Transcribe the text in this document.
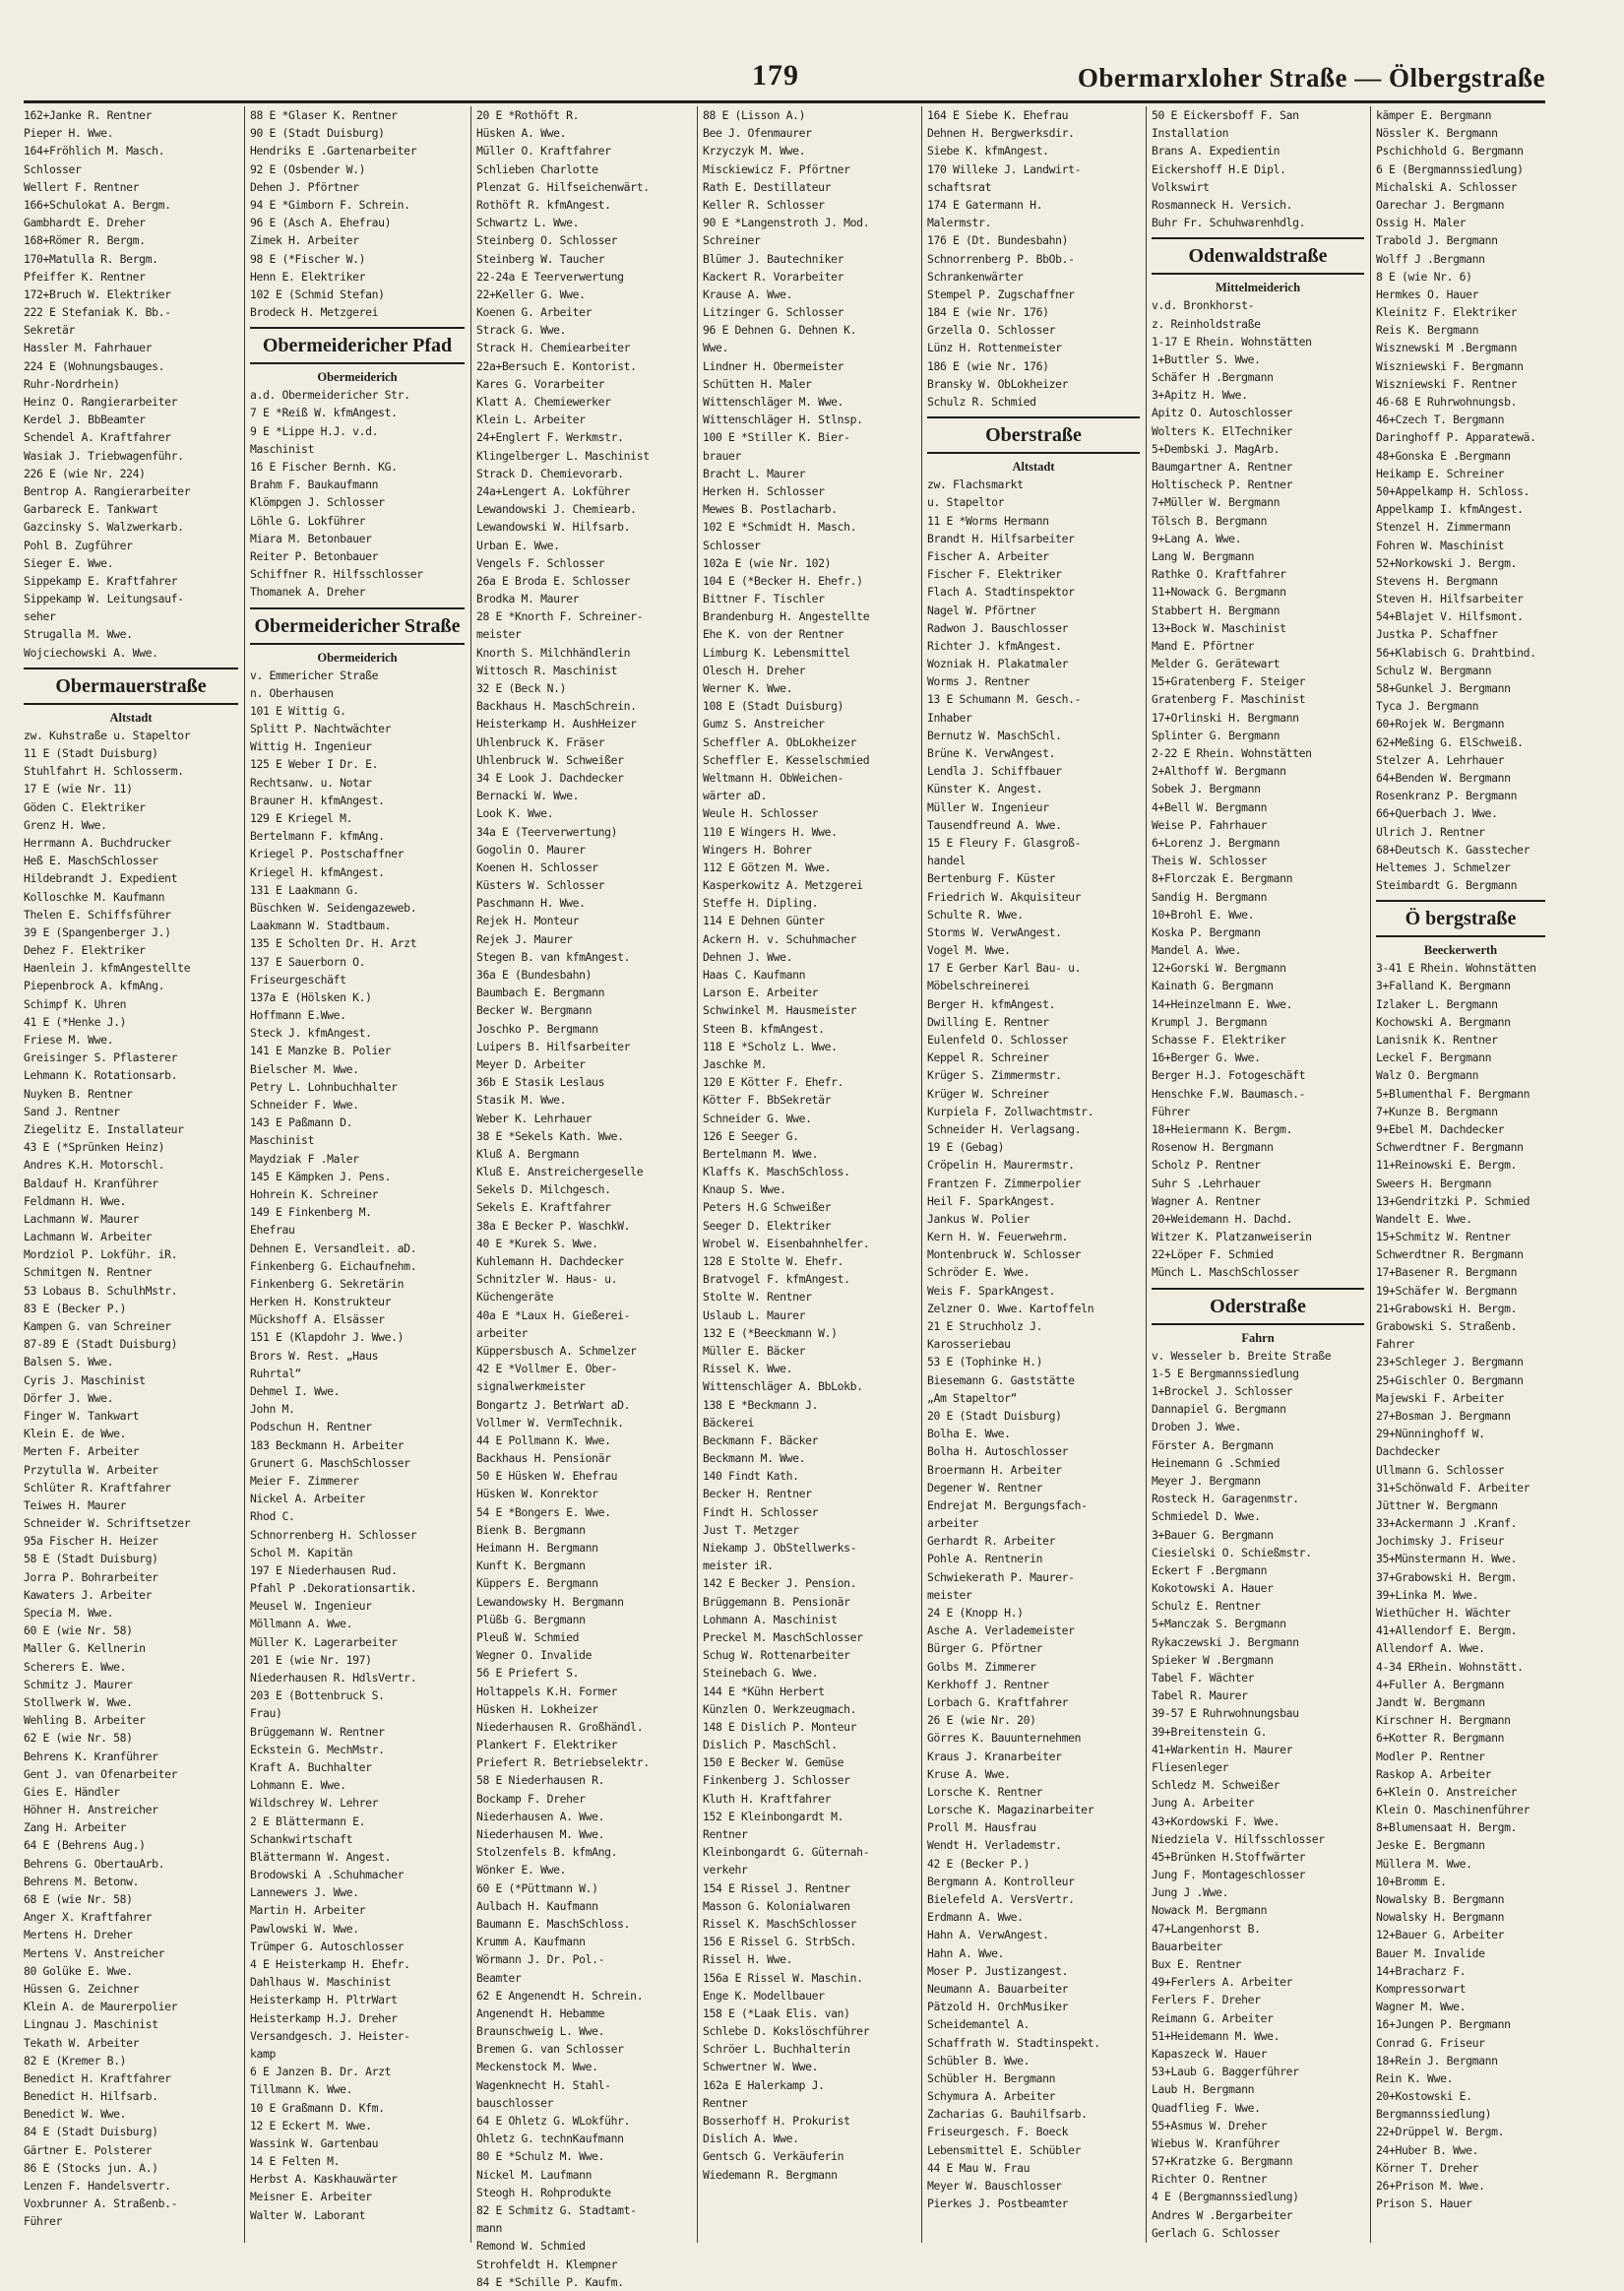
179	Obermarxloher Straße — Ölbergstraße
162+Janke R. Rentner
Pieper H. Wwe.
164+Fröhlich M. Masch.
Schlosser
Wellert F. Rentner
166+Schulokat A. Bergm.
Gambhardt E. Dreher
168+Römer R. Bergm.
170+Matulla R. Bergm.
Pfeiffer K. Rentner
172+Bruch W. Elektriker
222 E Stefaniak K. Bb.-
Sekretär
Hassler M. Fahrhauer
224 E (Wohnungsbauges.
Ruhr-Nordrhein)
Heinz O. Rangierarbeiter
Kerdel J. BbBeamter
Schendel A. Kraftfahrer
Wasiak J. Triebwagenführ.
226 E (wie Nr. 224)
Bentrop A. Rangierarbeiter
Garbareck E. Tankwart
Gazcinsky S. Walzwerkarb.
Pohl B. Zugführer
Sieger E. Wwe.
Sippekamp E. Kraftfahrer
Sippekamp W. Leitungsauf-
seher
Strugalla M. Wwe.
Wojciechowski A. Wwe.
Obermauerstraße
Altstadt
zw. Kuhstraße u. Stapeltor
11 E (Stadt Duisburg)
Stuhlfahrt H. Schlosserm.
17 E (wie Nr. 11)
Göden C. Elektriker
Grenz H. Wwe.
Herrmann A. Buchdrucker
Heß E. MaschSchlosser
Hildebrandt J. Expedient
Kolloschke M. Kaufmann
Thelen E. Schiffsführer
39 E (Spangenberger J.)
Dehez F. Elektriker
Haenlein J. kfmAngestellte
Piepenbrock A. kfmAng.
Schimpf K. Uhren
41 E (*Henke J.)
Friese M. Wwe.
Greisinger S. Pflasterer
Lehmann K. Rotationsarb.
Nuyken B. Rentner
Sand J. Rentner
Ziegelitz E. Installateur
43 E (*Sprünken Heinz)
Andres K.H. Motorschl.
Baldauf H. Kranführer
Feldmann H. Wwe.
Lachmann W. Maurer
Lachmann W. Arbeiter
Mordziol P. Lokführ. iR.
Schmitgen N. Rentner
53 Lobaus B. SchulhMstr.
83 E (Becker P.)
Kampen G. van Schreiner
87-89 E (Stadt Duisburg)
Balsen S. Wwe.
Cyris J. Maschinist
Dörfer J. Wwe.
Finger W. Tankwart
Klein E. de Wwe.
Merten F. Arbeiter
Przytulla W. Arbeiter
Schlüter R. Kraftfahrer
Teiwes H. Maurer
Schneider W. Schriftsetzer
95a Fischer H. Heizer
58 E (Stadt Duisburg)
Jorra P. Bohrarbeiter
Kawaters J. Arbeiter
Specia M. Wwe.
60 E (wie Nr. 58)
Maller G. Kellnerin
Scherers E. Wwe.
Schmitz J. Maurer
Stollwerk W. Wwe.
Wehling B. Arbeiter
62 E (wie Nr. 58)
Behrens K. Kranführer
Gent J. van Ofenarbeiter
Gies E. Händler
Höhner H. Anstreicher
Zang H. Arbeiter
64 E (Behrens Aug.)
Behrens G. ObertauArb.
Behrens M. Betonw.
68 E (wie Nr. 58)
Anger X. Kraftfahrer
Mertens H. Dreher
Mertens V. Anstreicher
80 Golüke E. Wwe.
Hüssen G. Zeichner
Klein A. de Maurerpolier
Lingnau J. Maschinist
Tekath W. Arbeiter
82 E (Kremer B.)
Benedict H. Kraftfahrer
Benedict H. Hilfsarb.
Benedict W. Wwe.
84 E (Stadt Duisburg)
Gärtner E. Polsterer
86 E (Stocks jun. A.)
Lenzen F. Handelsvertr.
Voxbrunner A. Straßenb.-
Führer
88 E *Glaser K. Rentner
90 E (Stadt Duisburg)
Hendriks E .Gartenarbeiter
92 E (Osbender W.)
Dehen J. Pförtner
94 E *Gimborn F. Schrein.
96 E (Asch A. Ehefrau)
Zimek H. Arbeiter
98 E (*Fischer W.)
Henn E. Elektriker
102 E (Schmid Stefan)
Brodeck H. Metzgerei
Obermeidericher Pfad
Obermeiderich
a.d. Obermeidericher Str.
7 E *Reiß W. kfmAngest.
9 E *Lippe H.J. v.d.
Maschinist
16 E Fischer Bernh. KG.
Brahm F. Baukaufmann
Klömpgen J. Schlosser
Löhle G. Lokführer
Miara M. Betonbauer
Reiter P. Betonbauer
Schiffner R. Hilfsschlosser
Thomanek A. Dreher
Obermeidericher Straße
Obermeiderich
v. Emmericher Straße
n. Oberhausen
101 E Wittig G.
Splitt P. Nachtwächter
Wittig H. Ingenieur
125 E Weber I Dr. E.
Rechtsanw. u. Notar
Brauner H. kfmAngest.
129 E Kriegel M.
Bertelmann F. kfmAng.
Kriegel P. Postschaffner
Kriegel H. kfmAngest.
131 E Laakmann G.
Büschken W. Seidengazeweb.
Laakmann W. Stadtbaum.
135 E Scholten Dr. H. Arzt
137 E Sauerborn O.
Friseurgeschäft
137a E (Hölsken K.)
Hoffmann E.Wwe.
Steck J. kfmAngest.
141 E Manzke B. Polier
Bielscher M. Wwe.
Petry L. Lohnbuchhalter
Schneider F. Wwe.
143 E Paßmann D.
Maschinist
Maydziak F .Maler
145 E Kämpken J. Pens.
Hohrein K. Schreiner
149 E Finkenberg M.
Ehefrau
Dehnen E. Versandleit. aD.
Finkenberg G. Eichaufnehm.
Finkenberg G. Sekretärin
Herken H. Konstrukteur
Mückshoff A. Elsässer
151 E (Klapdohr J. Wwe.)
Brors W. Rest. „Haus
Ruhrtal“
Dehmel I. Wwe.
John M.
Podschun H. Rentner
183 Beckmann H. Arbeiter
Grunert G. MaschSchlosser
Meier F. Zimmerer
Nickel A. Arbeiter
Rhod C.
Schnorrenberg H. Schlosser
Schol M. Kapitän
197 E Niederhausen Rud.
Pfahl P .Dekorationsartik.
Meusel W. Ingenieur
Möllmann A. Wwe.
Müller K. Lagerarbeiter
201 E (wie Nr. 197)
Niederhausen R. HdlsVertr.
203 E (Bottenbruck S.
Frau)
Brüggemann W. Rentner
Eckstein G. MechMstr.
Kraft A. Buchhalter
Lohmann E. Wwe.
Wildschrey W. Lehrer
2 E Blättermann E.
Schankwirtschaft
Blättermann W. Angest.
Brodowski A .Schuhmacher
Lannewers J. Wwe.
Martin H. Arbeiter
Pawlowski W. Wwe.
Trümper G. Autoschlosser
4 E Heisterkamp H. Ehefr.
Dahlhaus W. Maschinist
Heisterkamp H. PltrWart
Heisterkamp H.J. Dreher
Versandgesch. J. Heister-
kamp
6 E Janzen B. Dr. Arzt
Tillmann K. Wwe.
10 E Graßmann D. Kfm.
12 E Eckert M. Wwe.
Wassink W. Gartenbau
14 E Felten M.
Herbst A. Kaskhauwärter
Meisner E. Arbeiter
Walter W. Laborant
20 E *Rothöft R.
Hüsken A. Wwe.
Müller O. Kraftfahrer
Schlieben Charlotte
Plenzat G. Hilfseichenwärt.
Rothöft R. kfmAngest.
Schwartz L. Wwe.
Steinberg O. Schlosser
Steinberg W. Taucher
22-24a E Teerverwertung
22+Keller G. Wwe.
Koenen G. Arbeiter
Strack G. Wwe.
Strack H. Chemiearbeiter
22a+Bersuch E. Kontorist.
Kares G. Vorarbeiter
Klatt A. Chemiewerker
Klein L. Arbeiter
24+Englert F. Werkmstr.
Klingelberger L. Maschinist
Strack D. Chemievorarb.
24a+Lengert A. Lokführer
Lewandowski J. Chemiearb.
Lewandowski W. Hilfsarb.
Urban E. Wwe.
Vengels F. Schlosser
26a E Broda E. Schlosser
Brodka M. Maurer
28 E *Knorth F. Schreiner-
meister
Knorth S. Milchhändlerin
Wittosch R. Maschinist
32 E (Beck N.)
Backhaus H. MaschSchrein.
Heisterkamp H. AushHeizer
Uhlenbruck K. Fräser
Uhlenbruck W. Schweißer
34 E Look J. Dachdecker
Bernacki W. Wwe.
Look K. Wwe.
34a E (Teerverwertung)
Gogolin O. Maurer
Koenen H. Schlosser
Küsters W. Schlosser
Paschmann H. Wwe.
Rejek H. Monteur
Rejek J. Maurer
Stegen B. van kfmAngest.
36a E (Bundesbahn)
Baumbach E. Bergmann
Becker W. Bergmann
Joschko P. Bergmann
Luipers B. Hilfsarbeiter
Meyer D. Arbeiter
36b E Stasik Leslaus
Stasik M. Wwe.
Weber K. Lehrhauer
38 E *Sekels Kath. Wwe.
Kluß A. Bergmann
Kluß E. Anstreichergeselle
Sekels D. Milchgesch.
Sekels E. Kraftfahrer
38a E Becker P. WaschkW.
40 E *Kurek S. Wwe.
Kuhlemann H. Dachdecker
Schnitzler W. Haus- u.
Küchengeräte
40a E *Laux H. Gießerei-
arbeiter
Küppersbusch A. Schmelzer
42 E *Vollmer E. Ober-
signalwerkmeister
Bongartz J. BetrWart aD.
Vollmer W. VermTechnik.
44 E Pollmann K. Wwe.
Backhaus H. Pensionär
50 E Hüsken W. Ehefrau
Hüsken W. Konrektor
54 E *Bongers E. Wwe.
Bienk B. Bergmann
Heimann H. Bergmann
Kunft K. Bergmann
Küppers E. Bergmann
Lewandowsky H. Bergmann
Plüßb G. Bergmann
Pleuß W. Schmied
Wegner O. Invalide
56 E Priefert S.
Holtappels K.H. Former
Hüsken H. Lokheizer
Niederhausen R. Großhändl.
Plankert F. Elektriker
Priefert R. Betriebselektr.
58 E Niederhausen R.
Bockamp F. Dreher
Niederhausen A. Wwe.
Niederhausen M. Wwe.
Stolzenfels B. kfmAng.
Wönker E. Wwe.
60 E (*Püttmann W.)
Aulbach H. Kaufmann
Baumann E. MaschSchloss.
Krumm A. Kaufmann
Wörmann J. Dr. Pol.-
Beamter
62 E Angenendt H. Schrein.
Angenendt H. Hebamme
Braunschweig L. Wwe.
Bremen G. van Schlosser
Meckenstock M. Wwe.
Wagenknecht H. Stahl-
bauschlosser
64 E Ohletz G. WLokführ.
Ohletz G. technKaufmann
80 E *Schulz M. Wwe.
Nickel M. Laufmann
Steogh H. Rohprodukte
82 E Schmitz G. Stadtamt-
mann
Remond W. Schmied
Strohfeldt H. Klempner
84 E *Schille P. Kaufm.
88 E (Lisson A.)
Bee J. Ofenmaurer
Krzyczyk M. Wwe.
Misckiewicz F. Pförtner
Rath E. Destillateur
Keller R. Schlosser
90 E *Langenstroth J. Mod.
Schreiner
Blümer J. Bautechniker
Kackert R. Vorarbeiter
Krause A. Wwe.
Litzinger G. Schlosser
96 E Dehnen G. Dehnen K.
Wwe.
Lindner H. Obermeister
Schütten H. Maler
Wittenschläger M. Wwe.
Wittenschläger H. Stlnsp.
100 E *Stiller K. Bier-
brauer
Bracht L. Maurer
Herken H. Schlosser
Mewes B. Postlacharb.
102 E *Schmidt H. Masch.
Schlosser
102a E (wie Nr. 102)
104 E (*Becker H. Ehefr.)
Bittner F. Tischler
Brandenburg H. Angestellte
Ehe K. von der Rentner
Limburg K. Lebensmittel
Olesch H. Dreher
Werner K. Wwe.
108 E (Stadt Duisburg)
Gumz S. Anstreicher
Scheffler A. ObLokheizer
Scheffler E. Kesselschmied
Weltmann H. ObWeichen-
wärter aD.
Weule H. Schlosser
110 E Wingers H. Wwe.
Wingers H. Bohrer
112 E Götzen M. Wwe.
Kasperkowitz A. Metzgerei
Steffe H. Dipling.
114 E Dehnen Günter
Ackern H. v. Schuhmacher
Dehnen J. Wwe.
Haas C. Kaufmann
Larson E. Arbeiter
Schwinkel M. Hausmeister
Steen B. kfmAngest.
118 E *Scholz L. Wwe.
Jaschke M.
120 E Kötter F. Ehefr.
Kötter F. BbSekretär
Schneider G. Wwe.
126 E Seeger G.
Bertelmann M. Wwe.
Klaffs K. MaschSchloss.
Knaup S. Wwe.
Peters H.G Schweißer
Seeger D. Elektriker
Wrobel W. Eisenbahnhelfer.
128 E Stolte W. Ehefr.
Bratvogel F. kfmAngest.
Stolte W. Rentner
Uslaub L. Maurer
132 E (*Beeckmann W.)
Müller E. Bäcker
Rissel K. Wwe.
Wittenschläger A. BbLokb.
138 E *Beckmann J.
Bäckerei
Beckmann F. Bäcker
Beckmann M. Wwe.
140 Findt Kath.
Becker H. Rentner
Findt H. Schlosser
Just T. Metzger
Niekamp J. ObStellwerks-
meister iR.
142 E Becker J. Pension.
Brüggemann B. Pensionär
Lohmann A. Maschinist
Preckel M. MaschSchlosser
Schug W. Rottenarbeiter
Steinebach G. Wwe.
144 E *Kühn Herbert
Künzlen O. Werkzeugmach.
148 E Dislich P. Monteur
Dislich P. MaschSchl.
150 E Becker W. Gemüse
Finkenberg J. Schlosser
Kluth H. Kraftfahrer
152 E Kleinbongardt M.
Rentner
Kleinbongardt G. Güternah-
verkehr
154 E Rissel J. Rentner
Masson G. Kolonialwaren
Rissel K. MaschSchlosser
156 E Rissel G. StrbSch.
Rissel H. Wwe.
156a E Rissel W. Maschin.
Enge K. Modellbauer
158 E (*Laak Elis. van)
Schlebe D. Kokslöschführer
Schröer L. Buchhalterin
Schwertner W. Wwe.
162a E Halerkamp J.
Rentner
Bosserhoff H. Prokurist
Dislich A. Wwe.
Gentsch G. Verkäuferin
Wiedemann R. Bergmann
164 E Siebe K. Ehefrau
Dehnen H. Bergwerksdir.
Siebe K. kfmAngest.
170 Willeke J. Landwirt-
schaftsrat
174 E Gatermann H.
Malermstr.
176 E (Dt. Bundesbahn)
Schnorrenberg P. BbOb.-
Schrankenwärter
Stempel P. Zugschaffner
184 E (wie Nr. 176)
Grzella O. Schlosser
Lünz H. Rottenmeister
186 E (wie Nr. 176)
Bransky W. ObLokheizer
Schulz R. Schmied
Oberstraße
Altstadt
zw. Flachsmarkt
u. Stapeltor
11 E *Worms Hermann
Brandt H. Hilfsarbeiter
Fischer A. Arbeiter
Fischer F. Elektriker
Flach A. Stadtinspektor
Nagel W. Pförtner
Radwon J. Bauschlosser
Richter J. kfmAngest.
Wozniak H. Plakatmaler
Worms J. Rentner
13 E Schumann M. Gesch.-
Inhaber
Bernutz W. MaschSchl.
Brüne K. VerwAngest.
Lendla J. Schiffbauer
Künster K. Angest.
Müller W. Ingenieur
Tausendfreund A. Wwe.
15 E Fleury F. Glasgroß-
handel
Bertenburg F. Küster
Friedrich W. Akquisiteur
Schulte R. Wwe.
Storms W. VerwAngest.
Vogel M. Wwe.
17 E Gerber Karl Bau- u.
Möbelschreinerei
Berger H. kfmAngest.
Dwilling E. Rentner
Eulenfeld O. Schlosser
Keppel R. Schreiner
Krüger S. Zimmermstr.
Krüger W. Schreiner
Kurpiela F. Zollwachtmstr.
Schneider H. Verlagsang.
19 E (Gebag)
Cröpelin H. Maurermstr.
Frantzen F. Zimmerpolier
Heil F. SparkAngest.
Jankus W. Polier
Kern H. W. Feuerwehrm.
Montenbruck W. Schlosser
Schröder E. Wwe.
Weis F. SparkAngest.
Zelzner O. Wwe. Kartoffeln
21 E Struchholz J.
Karosseriebau
53 E (Tophinke H.)
Biesemann G. Gaststätte
„Am Stapeltor“
20 E (Stadt Duisburg)
Bolha E. Wwe.
Bolha H. Autoschlosser
Broermann H. Arbeiter
Degener W. Rentner
Endrejat M. Bergungsfach-
arbeiter
Gerhardt R. Arbeiter
Pohle A. Rentnerin
Schwiekerath P. Maurer-
meister
24 E (Knopp H.)
Asche A. Verlademeister
Bürger G. Pförtner
Golbs M. Zimmerer
Kerkhoff J. Rentner
Lorbach G. Kraftfahrer
26 E (wie Nr. 20)
Görres K. Bauunternehmen
Kraus J. Kranarbeiter
Kruse A. Wwe.
Lorsche K. Rentner
Lorsche K. Magazinarbeiter
Proll M. Hausfrau
Wendt H. Verlademstr.
42 E (Becker P.)
Bergmann A. Kontrolleur
Bielefeld A. VersVertr.
Erdmann A. Wwe.
Hahn A. VerwAngest.
Hahn A. Wwe.
Moser P. Justizangest.
Neumann A. Bauarbeiter
Pätzold H. OrchMusiker
Scheidemantel A.
Schaffrath W. Stadtinspekt.
Schübler B. Wwe.
Schübler H. Bergmann
Schymura A. Arbeiter
Zacharias G. Bauhilfsarb.
Friseurgesch. F. Boeck
Lebensmittel E. Schübler
44 E Mau W. Frau
Meyer W. Bauschlosser
Pierkes J. Postbeamter
50 E Eickersboff F. San
Installation
Brans A. Expedientin
Eickershoff H.E Dipl.
Volkswirt
Rosmanneck H. Versich.
Buhr Fr. Schuhwarenhdlg.
Odenwaldstraße
Mittelmeiderich
v.d. Bronkhorst-
z. Reinholdstraße
1-17 E Rhein. Wohnstätten
1+Buttler S. Wwe.
Schäfer H .Bergmann
3+Apitz H. Wwe.
Apitz O. Autoschlosser
Wolters K. ElTechniker
5+Dembski J. MagArb.
Baumgartner A. Rentner
Holtischeck P. Rentner
7+Müller W. Bergmann
Tölsch B. Bergmann
9+Lang A. Wwe.
Lang W. Bergmann
Rathke O. Kraftfahrer
11+Nowack G. Bergmann
Stabbert H. Bergmann
13+Bock W. Maschinist
Mand E. Pförtner
Melder G. Gerätewart
15+Gratenberg F. Steiger
Gratenberg F. Maschinist
17+Orlinski H. Bergmann
Splinter G. Bergmann
2-22 E Rhein. Wohnstätten
2+Althoff W. Bergmann
Sobek J. Bergmann
4+Bell W. Bergmann
Weise P. Fahrhauer
6+Lorenz J. Bergmann
Theis W. Schlosser
8+Florczak E. Bergmann
Sandig H. Bergmann
10+Brohl E. Wwe.
Koska P. Bergmann
Mandel A. Wwe.
12+Gorski W. Bergmann
Kainath G. Bergmann
14+Heinzelmann E. Wwe.
Krumpl J. Bergmann
Schasse F. Elektriker
16+Berger G. Wwe.
Berger H.J. Fotogeschäft
Henschke F.W. Baumasch.-
Führer
18+Heiermann K. Bergm.
Rosenow H. Bergmann
Scholz P. Rentner
Suhr S .Lehrhauer
Wagner A. Rentner
20+Weidemann H. Dachd.
Witzer K. Platzanweiserin
22+Löper F. Schmied
Münch L. MaschSchlosser
Oderstraße
Fahrn
v. Wesseler b. Breite Straße
1-5 E Bergmannssiedlung
1+Brockel J. Schlosser
Dannapiel G. Bergmann
Droben J. Wwe.
Förster A. Bergmann
Heinemann G .Schmied
Meyer J. Bergmann
Rosteck H. Garagenmstr.
Schmiedel D. Wwe.
3+Bauer G. Bergmann
Ciesielski O. Schießmstr.
Eckert F .Bergmann
Kokotowski A. Hauer
Schulz E. Rentner
5+Manczak S. Bergmann
Rykaczewski J. Bergmann
Spieker W .Bergmann
Tabel F. Wächter
Tabel R. Maurer
39-57 E Ruhrwohnungsbau
39+Breitenstein G.
41+Warkentin H. Maurer
Fliesenleger
Schledz M. Schweißer
Jung A. Arbeiter
43+Kordowski F. Wwe.
Niedziela V. Hilfsschlosser
45+Brünken H.Stoffwärter
Jung F. Montageschlosser
Jung J .Wwe.
Nowack M. Bergmann
47+Langenhorst B.
Bauarbeiter
Bux E. Rentner
49+Ferlers A. Arbeiter
Ferlers F. Dreher
Reimann G. Arbeiter
51+Heidemann M. Wwe.
Kapaszeck W. Hauer
53+Laub G. Baggerführer
Laub H. Bergmann
Quadflieg F. Wwe.
55+Asmus W. Dreher
Wiebus W. Kranführer
57+Kratzke G. Bergmann
Richter O. Rentner
4 E (Bergmannssiedlung)
Andres W .Bergarbeiter
Gerlach G. Schlosser
kämper E. Bergmann
Nössler K. Bergmann
Pschichhold G. Bergmann
6 E (Bergmannssiedlung)
Michalski A. Schlosser
Oarechar J. Bergmann
Ossig H. Maler
Trabold J. Bergmann
Wolff J .Bergmann
8 E (wie Nr. 6)
Hermkes O. Hauer
Kleinitz F. Elektriker
Reis K. Bergmann
Wisznewski M .Bergmann
Wiszniewski F. Bergmann
Wiszniewski F. Rentner
46-68 E Ruhrwohnungsb.
46+Czech T. Bergmann
Daringhoff P. Apparatewä.
48+Gonska E .Bergmann
Heikamp E. Schreiner
50+Appelkamp H. Schloss.
Appelkamp I. kfmAngest.
Stenzel H. Zimmermann
Fohren W. Maschinist
52+Norkowski J. Bergm.
Stevens H. Bergmann
Steven H. Hilfsarbeiter
54+Blajet V. Hilfsmont.
Justka P. Schaffner
56+Klabisch G. Drahtbind.
Schulz W. Bergmann
58+Gunkel J. Bergmann
Tyca J. Bergmann
60+Rojek W. Bergmann
62+Meßing G. ElSchweiß.
Stelzer A. Lehrhauer
64+Benden W. Bergmann
Rosenkranz P. Bergmann
66+Querbach J. Wwe.
Ulrich J. Rentner
68+Deutsch K. Gasstecher
Heltemes J. Schmelzer
Steimbardt G. Bergmann
Ö bergstraße
Beeckerwerth
3-41 E Rhein. Wohnstätten
3+Falland K. Bergmann
Izlaker L. Bergmann
Kochowski A. Bergmann
Lanisnik K. Rentner
Leckel F. Bergmann
Walz O. Bergmann
5+Blumenthal F. Bergmann
7+Kunze B. Bergmann
9+Ebel M. Dachdecker
Schwerdtner F. Bergmann
11+Reinowski E. Bergm.
Sweers H. Bergmann
13+Gendritzki P. Schmied
Wandelt E. Wwe.
15+Schmitz W. Rentner
Schwerdtner R. Bergmann
17+Basener R. Bergmann
19+Schäfer W. Bergmann
21+Grabowski H. Bergm.
Grabowski S. Straßenb.
Fahrer
23+Schleger J. Bergmann
25+Gischler O. Bergmann
Majewski F. Arbeiter
27+Bosman J. Bergmann
29+Nünninghoff W.
Dachdecker
Ullmann G. Schlosser
31+Schönwald F. Arbeiter
Jüttner W. Bergmann
33+Ackermann J .Kranf.
Jochimsky J. Friseur
35+Münstermann H. Wwe.
37+Grabowski H. Bergm.
39+Linka M. Wwe.
Wiethücher H. Wächter
41+Allendorf E. Bergm.
Allendorf A. Wwe.
4-34 ERhein. Wohnstätt.
4+Fuller A. Bergmann
Jandt W. Bergmann
Kirschner H. Bergmann
6+Kotter R. Bergmann
Modler P. Rentner
Raskop A. Arbeiter
6+Klein O. Anstreicher
Klein O. Maschinenführer
8+Blumensaat H. Bergm.
Jeske E. Bergmann
Müllera M. Wwe.
10+Bromm E.
Nowalsky B. Bergmann
Nowalsky H. Bergmann
12+Bauer G. Arbeiter
Bauer M. Invalide
14+Bracharz F.
Kompressorwart
Wagner M. Wwe.
16+Jungen P. Bergmann
Conrad G. Friseur
18+Rein J. Bergmann
Rein K. Wwe.
20+Kostowski E.
Bergmannssiedlung)
22+Drüppel W. Bergm.
24+Huber B. Wwe.
Körner T. Dreher
26+Prison M. Wwe.
Prison S. Hauer
